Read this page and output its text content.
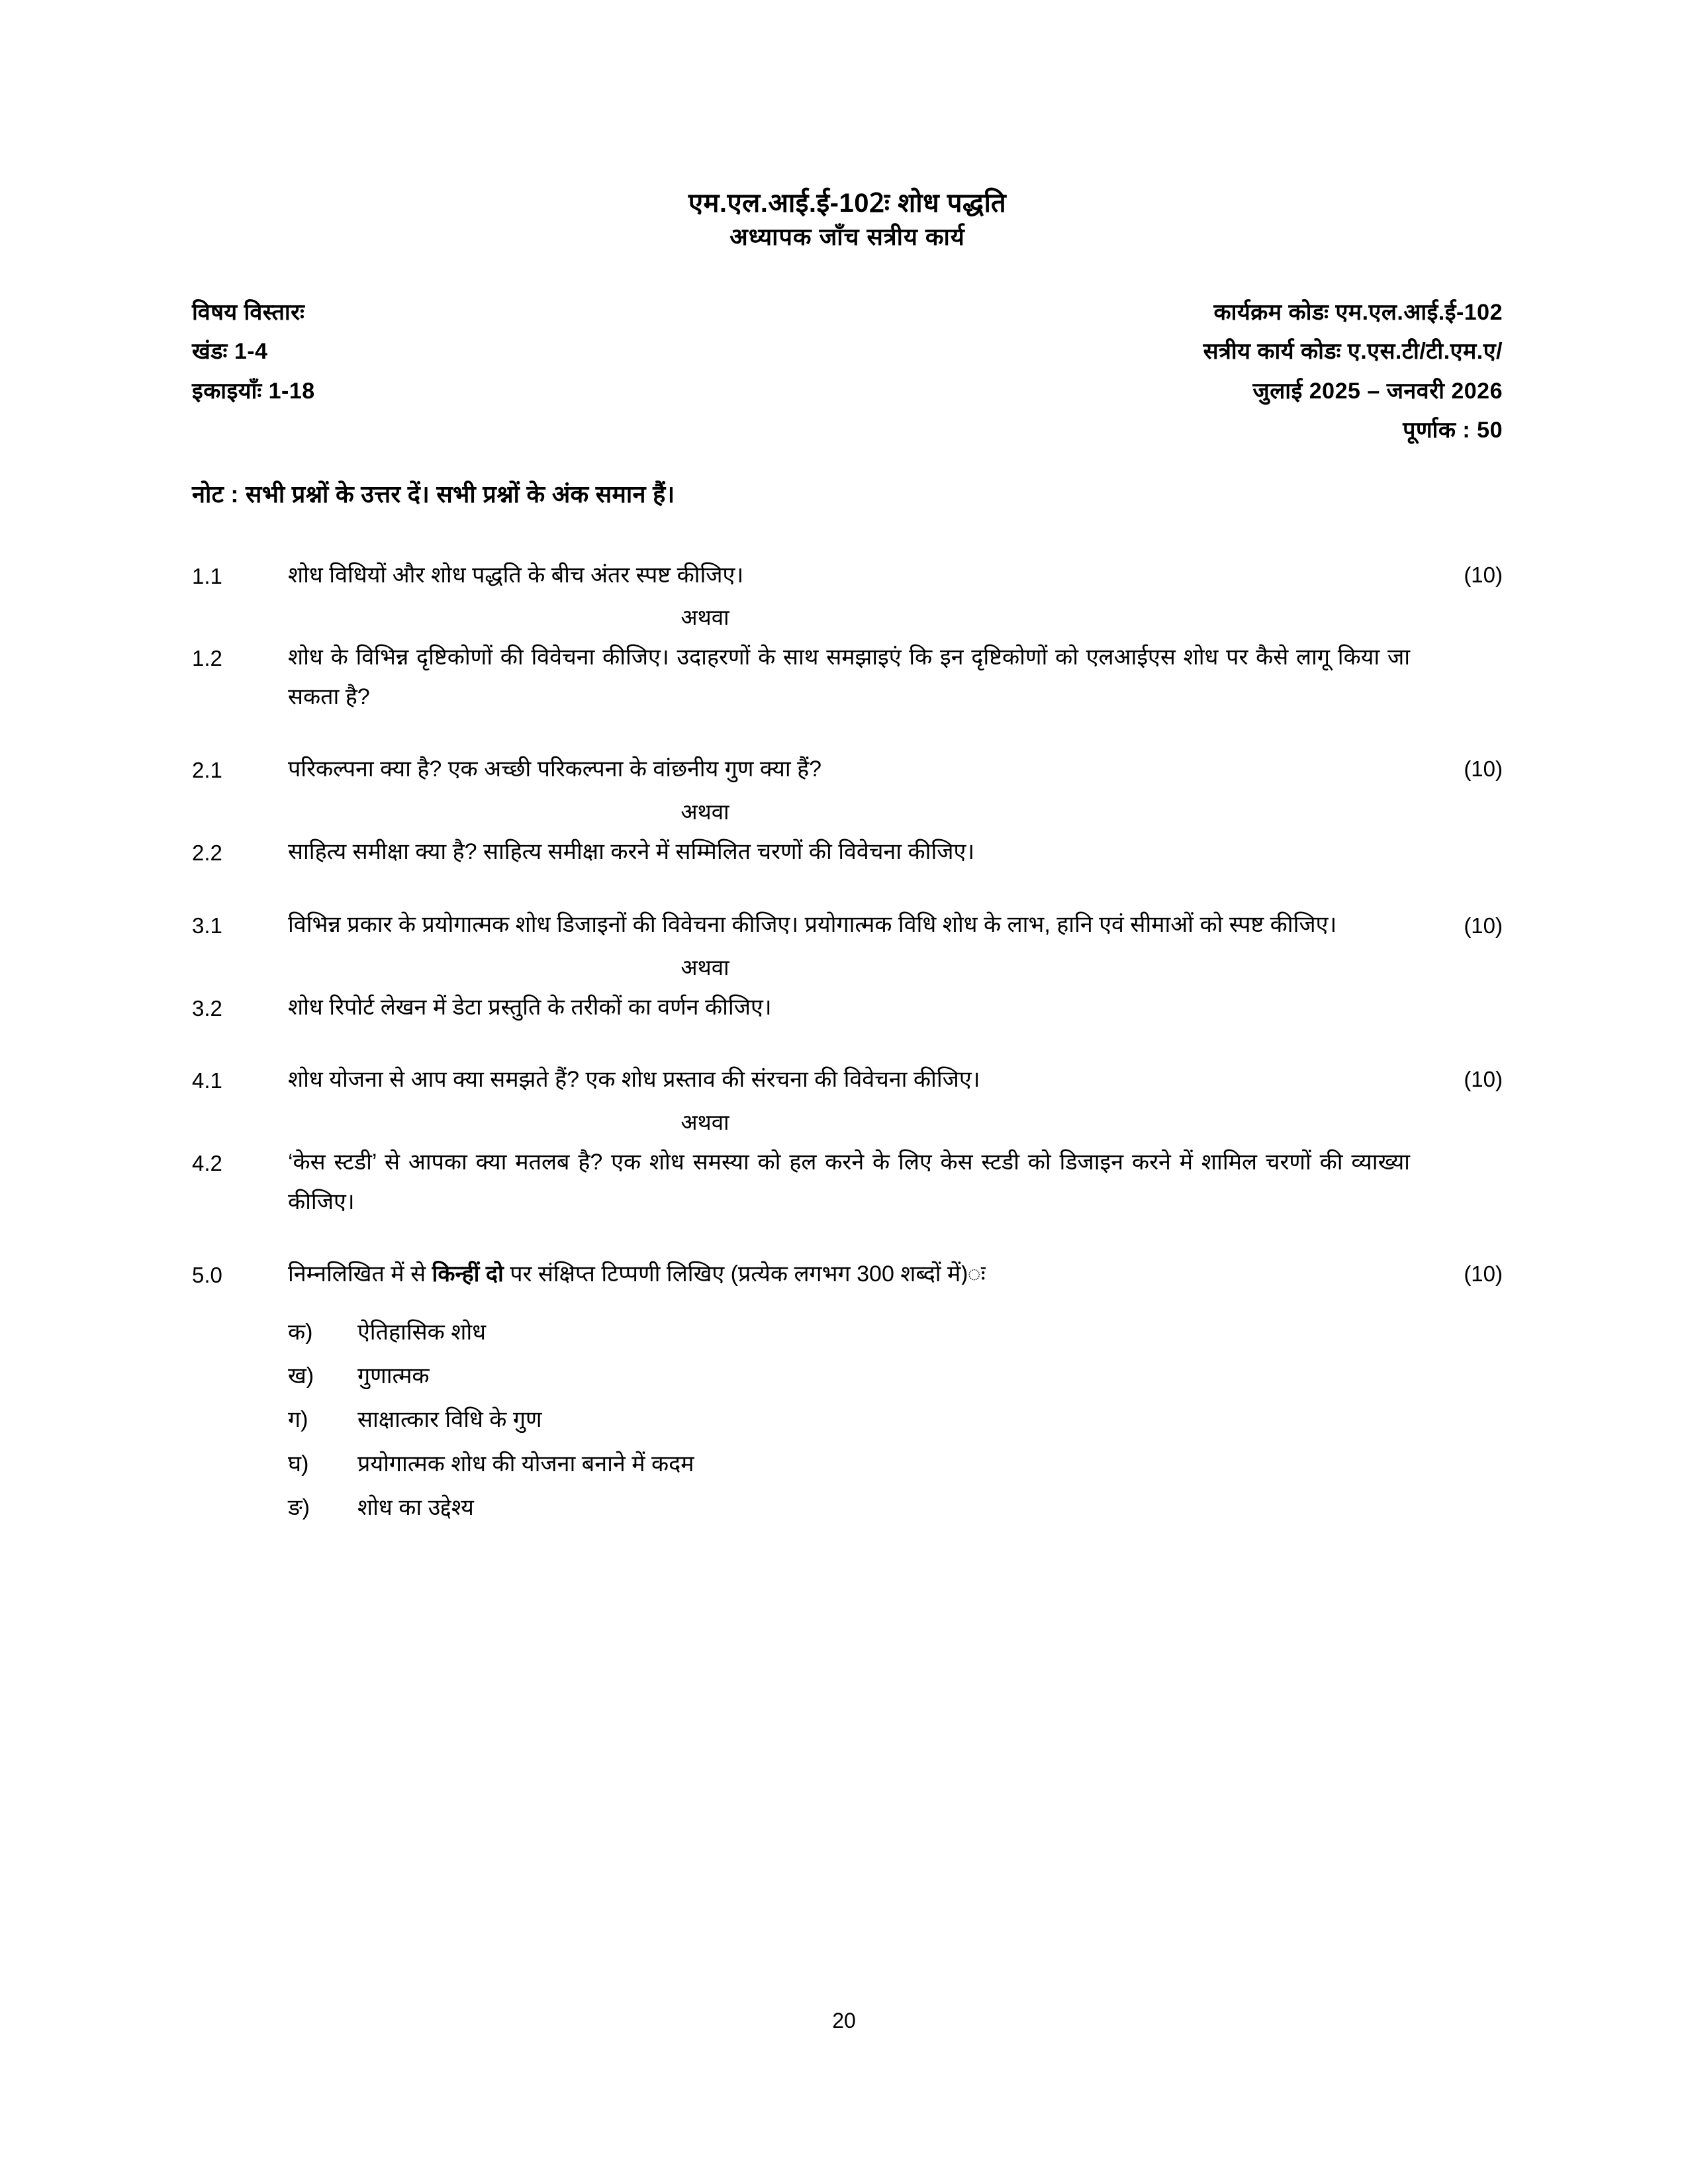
एम.एल.आई.ई-102ः शोध पद्धति
अध्यापक जाँच सत्रीय कार्य
विषय विस्तारः
खंडः 1-4
इकाइयाँः 1-18
कार्यक्रम कोडः एम.एल.आई.ई-102
सत्रीय कार्य कोडः ए.एस.टी/टी.एम.ए/
जुलाई 2025 – जनवरी 2026
पूर्णाक : 50
नोट : सभी प्रश्नों के उत्तर दें। सभी प्रश्नों के अंक समान हैं।
1.1	शोध विधियों और शोध पद्धति के बीच अंतर स्पष्ट कीजिए।	(10)
अथवा
1.2	शोध के विभिन्न दृष्टिकोणों की विवेचना कीजिए। उदाहरणों के साथ समझाइएं कि इन दृष्टिकोणों को एलआईएस शोध पर कैसे लागू किया जा सकता है?
2.1	परिकल्पना क्या है? एक अच्छी परिकल्पना के वांछनीय गुण क्या हैं?	(10)
अथवा
2.2	साहित्य समीक्षा क्या है? साहित्य समीक्षा करने में सम्मिलित चरणों की विवेचना कीजिए।
3.1	विभिन्न प्रकार के प्रयोगात्मक शोध डिजाइनों की विवेचना कीजिए। प्रयोगात्मक विधि शोध के लाभ, हानि एवं सीमाओं को स्पष्ट कीजिए।	(10)
अथवा
3.2	शोध रिपोर्ट लेखन में डेटा प्रस्तुति के तरीकों का वर्णन कीजिए।
4.1	शोध योजना से आप क्या समझते हैं? एक शोध प्रस्ताव की संरचना की विवेचना कीजिए।	(10)
अथवा
4.2	‘केस स्टडी’ से आपका क्या मतलब है? एक शोध समस्या को हल करने के लिए केस स्टडी को डिजाइन करने में शामिल चरणों की व्याख्या कीजिए।
5.0	निम्नलिखित में से किन्हीं दो पर संक्षिप्त टिप्पणी लिखिए (प्रत्येक लगभग 300 शब्दों में)ः	(10)
क)	ऐतिहासिक शोध
ख)	गुणात्मक
ग)	साक्षात्कार विधि के गुण
घ)	प्रयोगात्मक शोध की योजना बनाने में कदम
ङ)	शोध का उद्देश्य
20
